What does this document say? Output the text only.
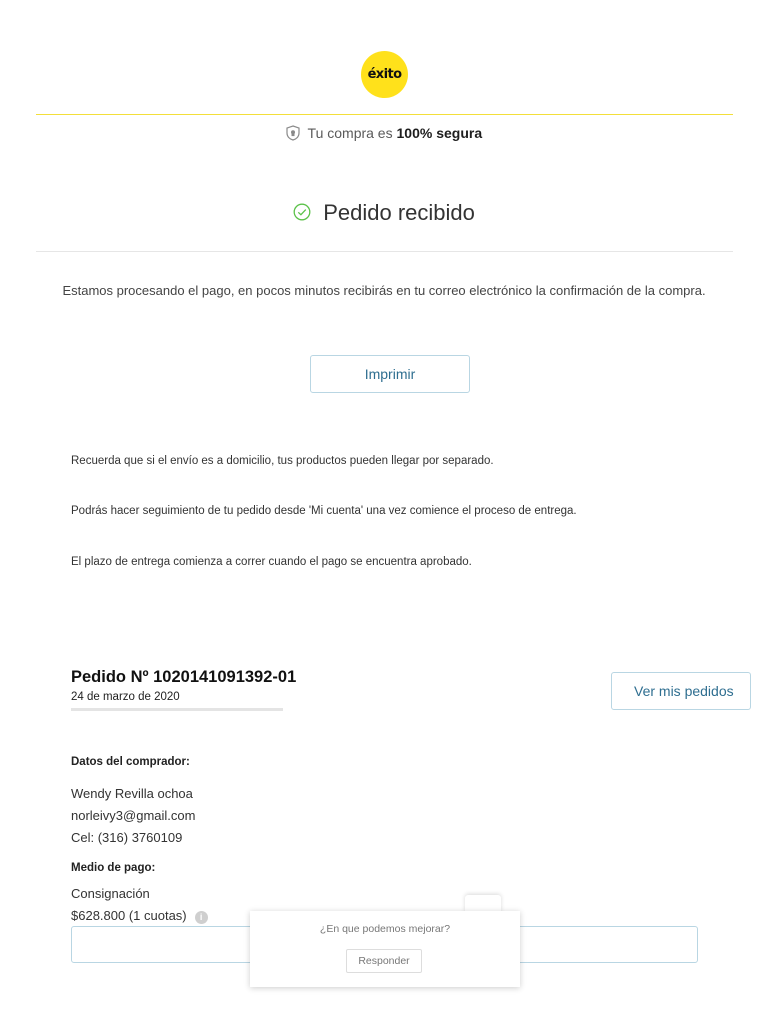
éxito
Tu compra es 100% segura
Pedido recibido
Estamos procesando el pago, en pocos minutos recibirás en tu correo electrónico la confirmación de la compra.
Imprimir
Recuerda que si el envío es a domicilio, tus productos pueden llegar por separado.
Podrás hacer seguimiento de tu pedido desde 'Mi cuenta' una vez comience el proceso de entrega.
El plazo de entrega comienza a correr cuando el pago se encuentra aprobado.
Pedido Nº 1020141091392-01
24 de marzo de 2020	Ver mis pedidos
Datos del comprador:
Wendy Revilla ochoa
norleivy3@gmail.com
Cel: (316) 3760109
Medio de pago:
Consignación
$628.800 (1 cuotas) i
¿En que podemos mejorar?
Responder
